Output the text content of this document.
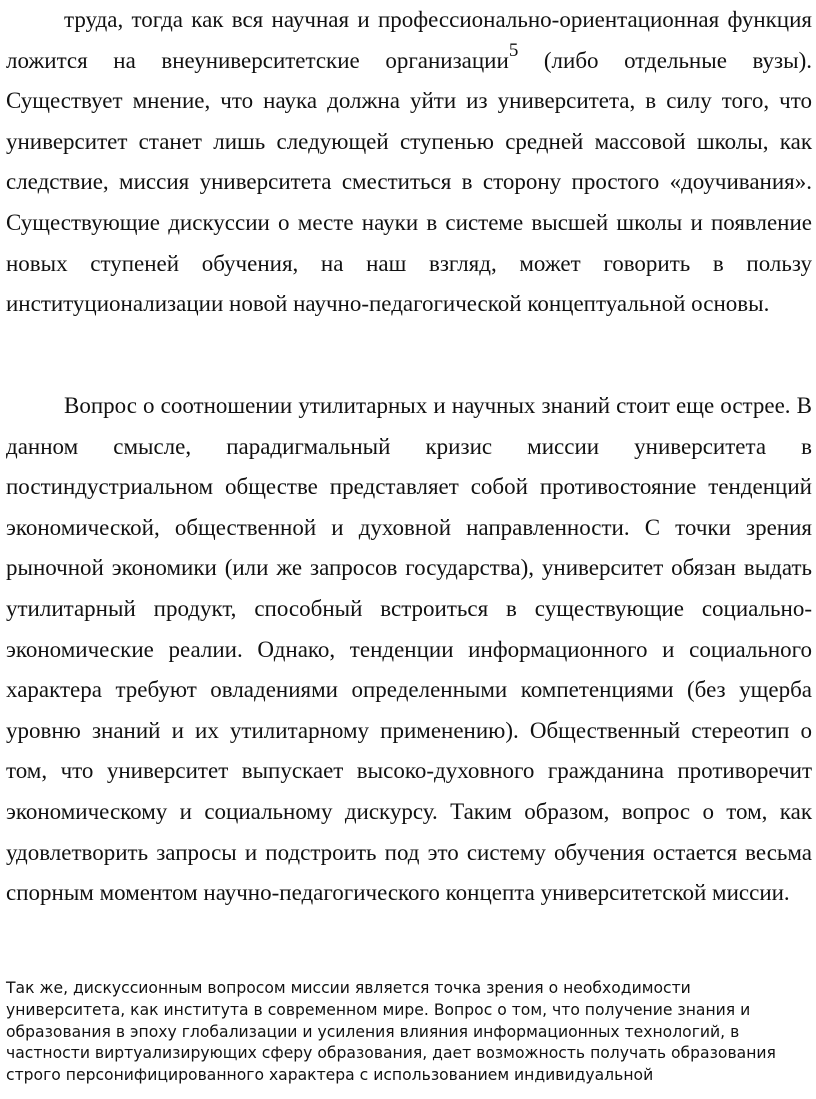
труда, тогда как вся научная и профессионально-ориентационная функция ложится на внеуниверситетские организации$^5$ (либо отдельные вузы). Существует мнение, что наука должна уйти из университета, в силу того, что университет станет лишь следующей ступенью средней массовой школы, как следствие, миссия университета сместиться в сторону простого «доучивания». Существующие дискуссии о месте науки в системе высшей школы и появление новых ступеней обучения, на наш взгляд, может говорить в пользу институционализации новой научно-педагогической концептуальной основы.

Вопрос о соотношении утилитарных и научных знаний стоит еще острее. В данном смысле, парадигмальный кризис миссии университета в постиндустриальном обществе представляет собой противостояние тенденций экономической, общественной и духовной направленности. С точки зрения рыночной экономики (или же запросов государства), университет обязан выдать утилитарный продукт, способный встроиться в существующие социально-экономические реалии. Однако, тенденции информационного и социального характера требуют овладениями определенными компетенциями (без ущерба уровню знаний и их утилитарному применению). Общественный стереотип о том, что университет выпускает высоко-духовного гражданина противоречит экономическому и социальному дискурсу. Таким образом, вопрос о том, как удовлетворить запросы и подстроить под это систему обучения остается весьма спорным моментом научно-педагогического концепта университетской миссии.

Так же, дискуссионным вопросом миссии является точка зрения о необходимости университета, как института в современном мире. Вопрос о том, что получение знания и образования в эпоху глобализации и усиления влияния информационных технологий, в частности виртуализирующих сферу образования, дает возможность получать образования строго персонифицированного характера с использованием индивидуальной
